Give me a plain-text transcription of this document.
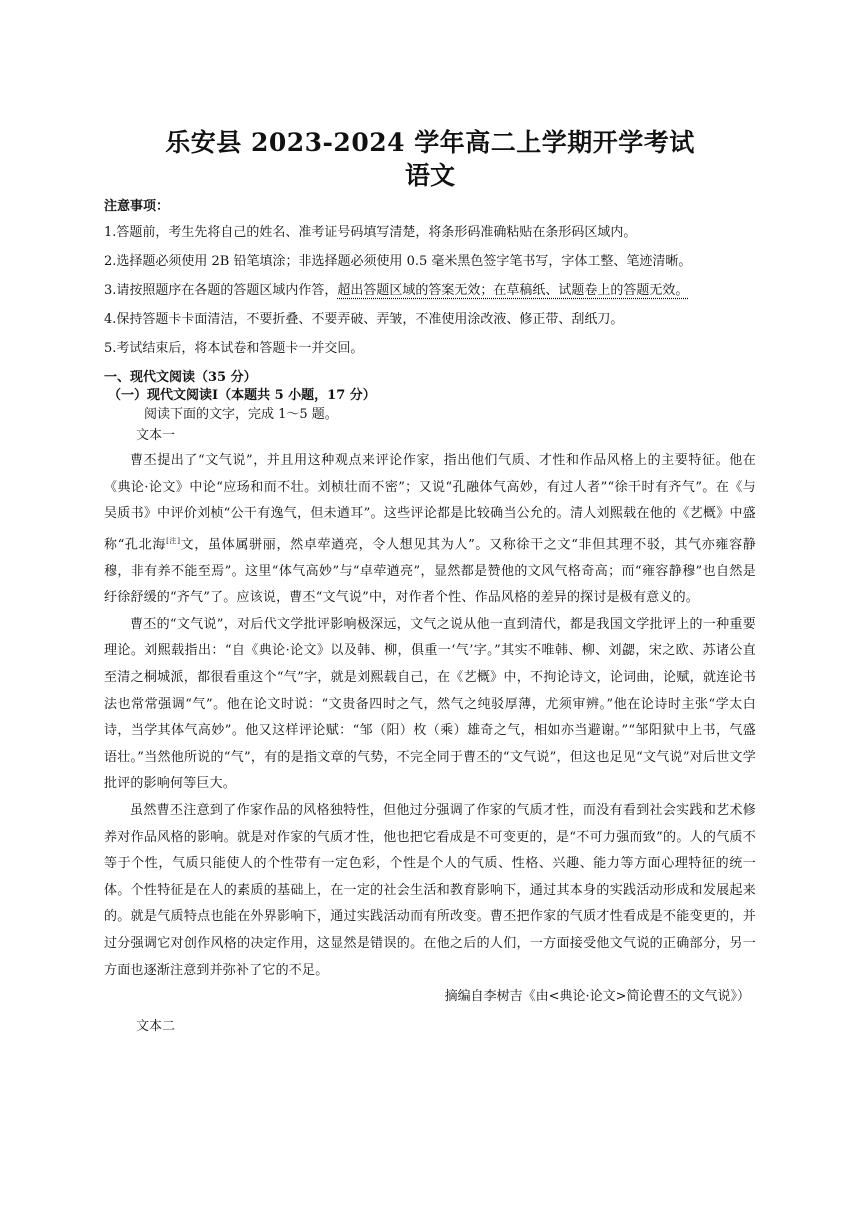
乐安县 2023-2024 学年高二上学期开学考试
语文

注意事项：

1.答题前，考生先将自己的姓名、准考证号码填写清楚，将条形码准确粘贴在条形码区域内。

2.选择题必须使用 2B 铅笔填涂；非选择题必须使用 0.5 毫米黑色签字笔书写，字体工整、笔迹清晰。

3.请按照题序在各题的答题区域内作答，超出答题区域的答案无效；在草稿纸、试题卷上的答题无效。

4.保持答题卡卡面清洁，不要折叠、不要弄破、弄皱，不准使用涂改液、修正带、刮纸刀。

5.考试结束后，将本试卷和答题卡一并交回。

一、现代文阅读（35 分）

（一）现代文阅读Ⅰ（本题共 5 小题，17 分）

阅读下面的文字，完成 1～5 题。

文本一

曹丕提出了“文气说”，并且用这种观点来评论作家，指出他们气质、才性和作品风格上的主要特征。他在《典论·论文》中论“应玚和而不壮。刘桢壮而不密”；又说“孔融体气高妙，有过人者”“徐干时有齐气”。在《与吴质书》中评价刘桢“公干有逸气，但未遒耳”。这些评论都是比较确当公允的。清人刘熙载在他的《艺概》中盛称“孔北海[注]文，虽体属骈丽，然卓荦遒亮，令人想见其为人”。又称徐干之文“非但其理不驳，其气亦雍容静穆，非有养不能至焉”。这里“体气高妙”与“卓荦遒亮”，显然都是赞他的文风气格奇高；而“雍容静穆”也自然是纡徐舒缓的“齐气”了。应该说，曹丕“文气说”中，对作者个性、作品风格的差异的探讨是极有意义的。

曹丕的“文气说”，对后代文学批评影响极深远，文气之说从他一直到清代，都是我国文学批评上的一种重要理论。刘熙载指出：“自《典论·论文》以及韩、柳，俱重一‘气’字。”其实不唯韩、柳、刘勰，宋之欧、苏诸公直至清之桐城派，都很看重这个“气”字，就是刘熙载自己，在《艺概》中，不拘论诗文，论词曲，论赋，就连论书法也常常强调“气”。他在论文时说：“文贵备四时之气，然气之纯驳厚薄，尤须审辨。”他在论诗时主张“学太白诗，当学其体气高妙”。他又这样评论赋：“邹（阳）枚（乘）雄奇之气，相如亦当避谢。”“邹阳狱中上书，气盛语壮。”当然他所说的“气”，有的是指文章的气势，不完全同于曹丕的“文气说”，但这也足见“文气说”对后世文学批评的影响何等巨大。

虽然曹丕注意到了作家作品的风格独特性，但他过分强调了作家的气质才性，而没有看到社会实践和艺术修养对作品风格的影响。就是对作家的气质才性，他也把它看成是不可变更的，是“不可力强而致”的。人的气质不等于个性，气质只能使人的个性带有一定色彩，个性是个人的气质、性格、兴趣、能力等方面心理特征的统一体。个性特征是在人的素质的基础上，在一定的社会生活和教育影响下，通过其本身的实践活动形成和发展起来的。就是气质特点也能在外界影响下，通过实践活动而有所改变。曹丕把作家的气质才性看成是不能变更的，并过分强调它对创作风格的决定作用，这显然是错误的。在他之后的人们，一方面接受他文气说的正确部分，另一方面也逐渐注意到并弥补了它的不足。

摘编自李树吉《由<典论·论文>简论曹丕的文气说》）

文本二
